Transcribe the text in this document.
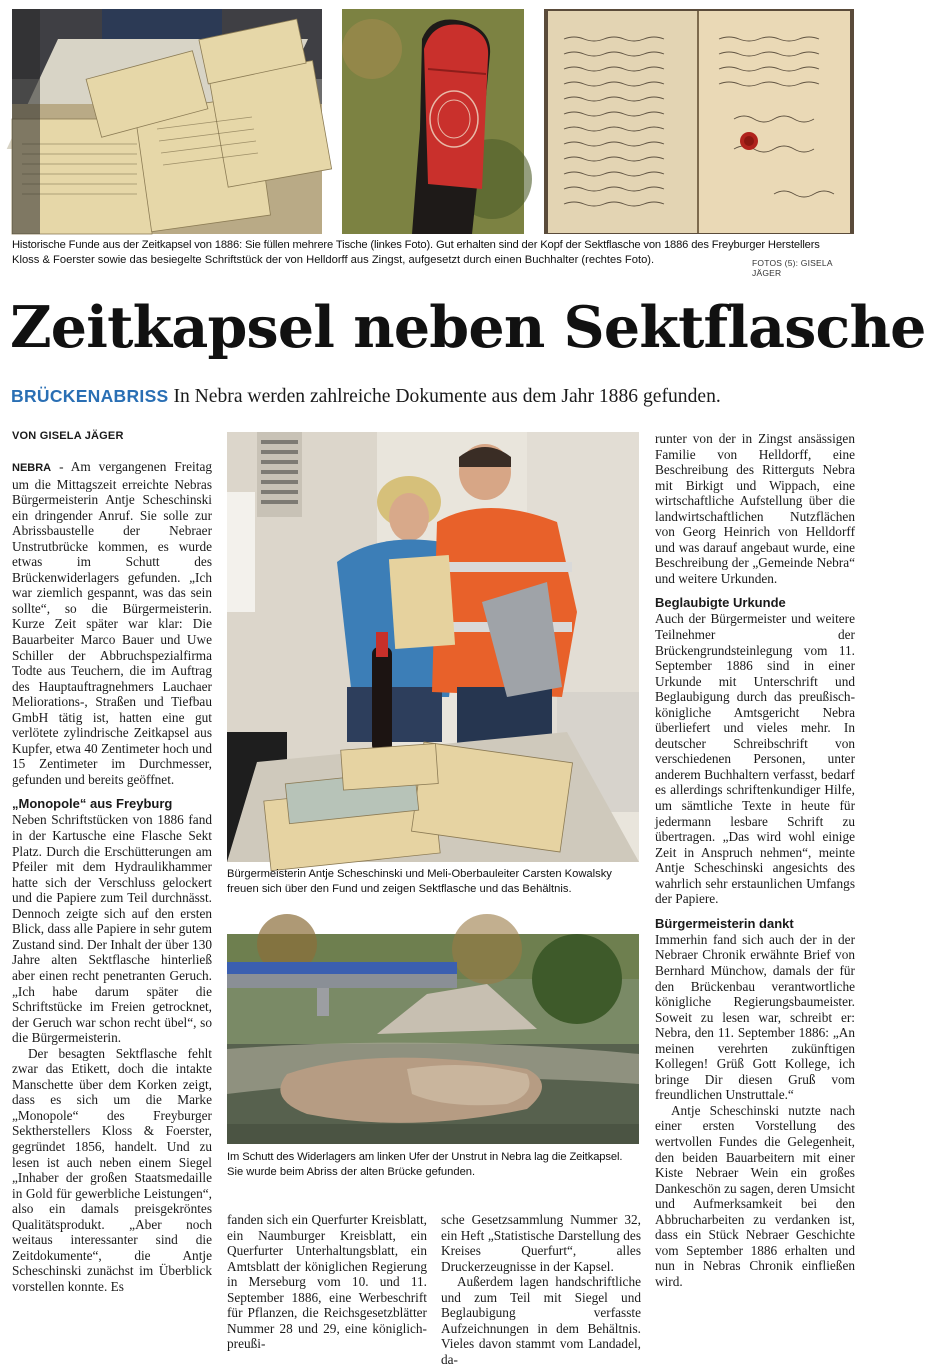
Historische Funde aus der Zeitkapsel von 1886: Sie füllen mehrere Tische (linkes Foto). Gut erhalten sind der Kopf der Sektflasche von 1886 des Freyburger Herstellers
Kloss & Foerster sowie das besiegelte Schriftstück der von Helldorff aus Zingst, aufgesetzt durch einen Buchhalter (rechtes Foto).	FOTOS (5): GISELA JÄGER
Zeitkapsel neben Sektflasche
BRÜCKENABRISS In Nebra werden zahlreiche Dokumente aus dem Jahr 1886 gefunden.
VON GISELA JÄGER

NEBRA - Am vergangenen Freitag um die Mittagszeit erreichte Nebras Bürgermeisterin Antje Scheschinski ein dringender Anruf. Sie solle zur Abrissbaustelle der Nebraer Unstrutbrücke kommen, es wurde etwas im Schutt des Brückenwiderlagers gefunden. „Ich war ziemlich gespannt, was das sein sollte“, so die Bürgermeisterin. Kurze Zeit später war klar: Die Bauarbeiter Marco Bauer und Uwe Schiller der Abbruchspezialfirma Todte aus Teuchern, die im Auftrag des Hauptauftragnehmers Lauchaer Meliorations-, Straßen und Tiefbau GmbH tätig ist, hatten eine gut verlötete zylindrische Zeitkapsel aus Kupfer, etwa 40 Zentimeter hoch und 15 Zentimeter im Durchmesser, gefunden und bereits geöffnet.

„Monopole“ aus Freyburg

Neben Schriftstücken von 1886 fand in der Kartusche eine Flasche Sekt Platz. Durch die Erschütterungen am Pfeiler mit dem Hydraulikhammer hatte sich der Verschluss gelockert und die Papiere zum Teil durchnässt. Dennoch zeigte sich auf den ersten Blick, dass alle Papiere in sehr gutem Zustand sind. Der Inhalt der über 130 Jahre alten Sektflasche hinterließ aber einen recht penetranten Geruch. „Ich habe darum später die Schriftstücke im Freien getrocknet, der Geruch war schon recht übel“, so die Bürgermeisterin.

Der besagten Sektflasche fehlt zwar das Etikett, doch die intakte Manschette über dem Korken zeigt, dass es sich um die Marke „Monopole“ des Freyburger Sektherstellers Kloss & Foerster, gegründet 1856, handelt. Und zu lesen ist auch neben einem Siegel „Inhaber der großen Staatsmedaille in Gold für gewerbliche Leistungen“, also ein damals preisgekröntes Qualitätsprodukt. „Aber noch weitaus interessanter sind die Zeitdokumente“, die Antje Scheschinski zunächst im Überblick vorstellen konnte. Es

Bürgermeisterin Antje Scheschinski und Meli-Oberbauleiter Carsten Kowalsky
freuen sich über den Fund und zeigen Sektflasche und das Behältnis.
Im Schutt des Widerlagers am linken Ufer der Unstrut in Nebra lag die Zeitkapsel.
Sie wurde beim Abriss der alten Brücke gefunden.

fanden sich ein Querfurter Kreisblatt, ein Naumburger Kreisblatt, ein Querfurter Unterhaltungsblatt, ein Amtsblatt der königlichen Regierung in Merseburg vom 10. und 11. September 1886, eine Werbeschrift für Pflanzen, die Reichsgesetzblätter Nummer 28 und 29, eine königlich-preußi-

sche Gesetzsammlung Nummer 32, ein Heft „Statistische Darstellung des Kreises Querfurt“, alles Druckerzeugnisse in der Kapsel.

Außerdem lagen handschriftliche und zum Teil mit Siegel und Beglaubigung verfasste Aufzeichnungen in dem Behältnis. Vieles davon stammt vom Landadel, da-

runter von der in Zingst ansässigen Familie von Helldorff, eine Beschreibung des Ritterguts Nebra mit Birkigt und Wippach, eine wirtschaftliche Aufstellung über die landwirtschaftlichen Nutzflächen von Georg Heinrich von Helldorff und was darauf angebaut wurde, eine Beschreibung der „Gemeinde Nebra“ und weitere Urkunden.

Beglaubigte Urkunde

Auch der Bürgermeister und weitere Teilnehmer der Brückengrundsteinlegung vom 11. September 1886 sind in einer Urkunde mit Unterschrift und Beglaubigung durch das preußisch-königliche Amtsgericht Nebra überliefert und vieles mehr. In deutscher Schreibschrift von verschiedenen Personen, unter anderem Buchhaltern verfasst, bedarf es allerdings schriftenkundiger Hilfe, um sämtliche Texte in heute für jedermann lesbare Schrift zu übertragen. „Das wird wohl einige Zeit in Anspruch nehmen“, meinte Antje Scheschinski angesichts des wahrlich sehr erstaunlichen Umfangs der Papiere.

Bürgermeisterin dankt

Immerhin fand sich auch der in der Nebraer Chronik erwähnte Brief von Bernhard Münchow, damals der für den Brückenbau verantwortliche königliche Regierungsbaumeister. Soweit zu lesen war, schreibt er: Nebra, den 11. September 1886: „An meinen verehrten zukünftigen Kollegen! Grüß Gott Kollege, ich bringe Dir diesen Gruß vom freundlichen Unstruttale.“

Antje Scheschinski nutzte nach einer ersten Vorstellung des wertvollen Fundes die Gelegenheit, den beiden Bauarbeitern mit einer Kiste Nebraer Wein ein großes Dankeschön zu sagen, deren Umsicht und Aufmerksamkeit bei den Abbrucharbeiten zu verdanken ist, dass ein Stück Nebraer Geschichte vom September 1886 erhalten und nun in Nebras Chronik einfließen wird.
